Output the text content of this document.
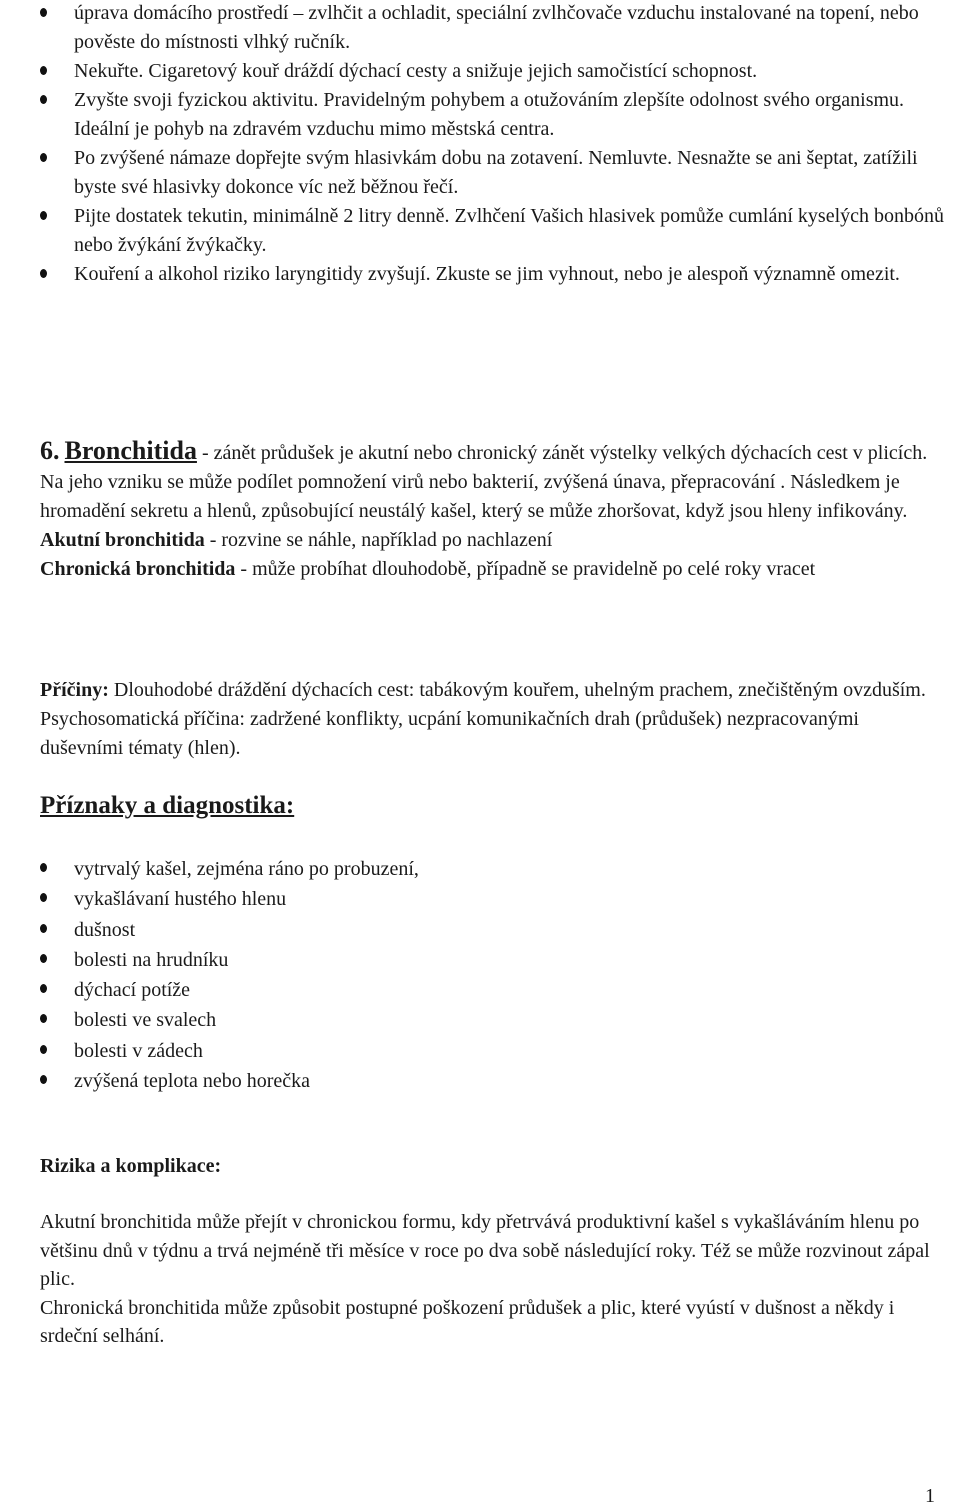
úprava domácího prostředí – zvlhčit a ochladit, speciální zvlhčovače vzduchu instalované na topení, nebo pověste do místnosti vlhký ručník.
Nekuřte. Cigaretový kouř dráždí dýchací cesty a snižuje jejich samočistící schopnost.
Zvyšte svoji fyzickou aktivitu. Pravidelným pohybem a otužováním zlepšíte odolnost svého organismu. Ideální je pohyb na zdravém vzduchu mimo městská centra.
Po zvýšené námaze dopřejte svým hlasivkám dobu na zotavení. Nemluvte. Nesnažte se ani šeptat, zatížili byste své hlasivky dokonce víc než běžnou řečí.
Pijte dostatek tekutin, minimálně 2 litry denně. Zvlhčení Vašich hlasivek pomůže cumlání kyselých bonbónů nebo žvýkání žvýkačky.
Kouření a alkohol riziko laryngitidy zvyšují. Zkuste se jim vyhnout, nebo je alespoň významně omezit.

6. Bronchitida - zánět průdušek je akutní nebo chronický zánět výstelky velkých dýchacích cest v plicích. Na jeho vzniku se může podílet pomnožení virů nebo bakterií, zvýšená únava, přepracování . Následkem je hromadění sekretu a hlenů, způsobující neustálý kašel, který se může zhoršovat, když jsou hleny infikovány.

Akutní bronchitida - rozvine se náhle, například po nachlazení

Chronická bronchitida - může probíhat dlouhodobě, případně se pravidelně po celé roky vracet

Příčiny: Dlouhodobé dráždění dýchacích cest: tabákovým kouřem, uhelným prachem, znečištěným ovzduším. Psychosomatická příčina: zadržené konflikty, ucpání komunikačních drah (průdušek) nezpracovanými duševními tématy (hlen).

Příznaky a diagnostika:
vytrvalý kašel, zejména ráno po probuzení,
vykašlávaní hustého hlenu
dušnost
bolesti na hrudníku
dýchací potíže
bolesti ve svalech
bolesti v zádech
zvýšená teplota nebo horečka
Rizika a komplikace:

Akutní bronchitida může přejít v chronickou formu, kdy přetrvává produktivní kašel s vykašláváním hlenu po většinu dnů v týdnu a trvá nejméně tři měsíce v roce po dva sobě následující roky. Též se může rozvinout zápal plic.

Chronická bronchitida může způsobit postupné poškození průdušek a plic, které vyústí v dušnost a někdy i srdeční selhání.

1
